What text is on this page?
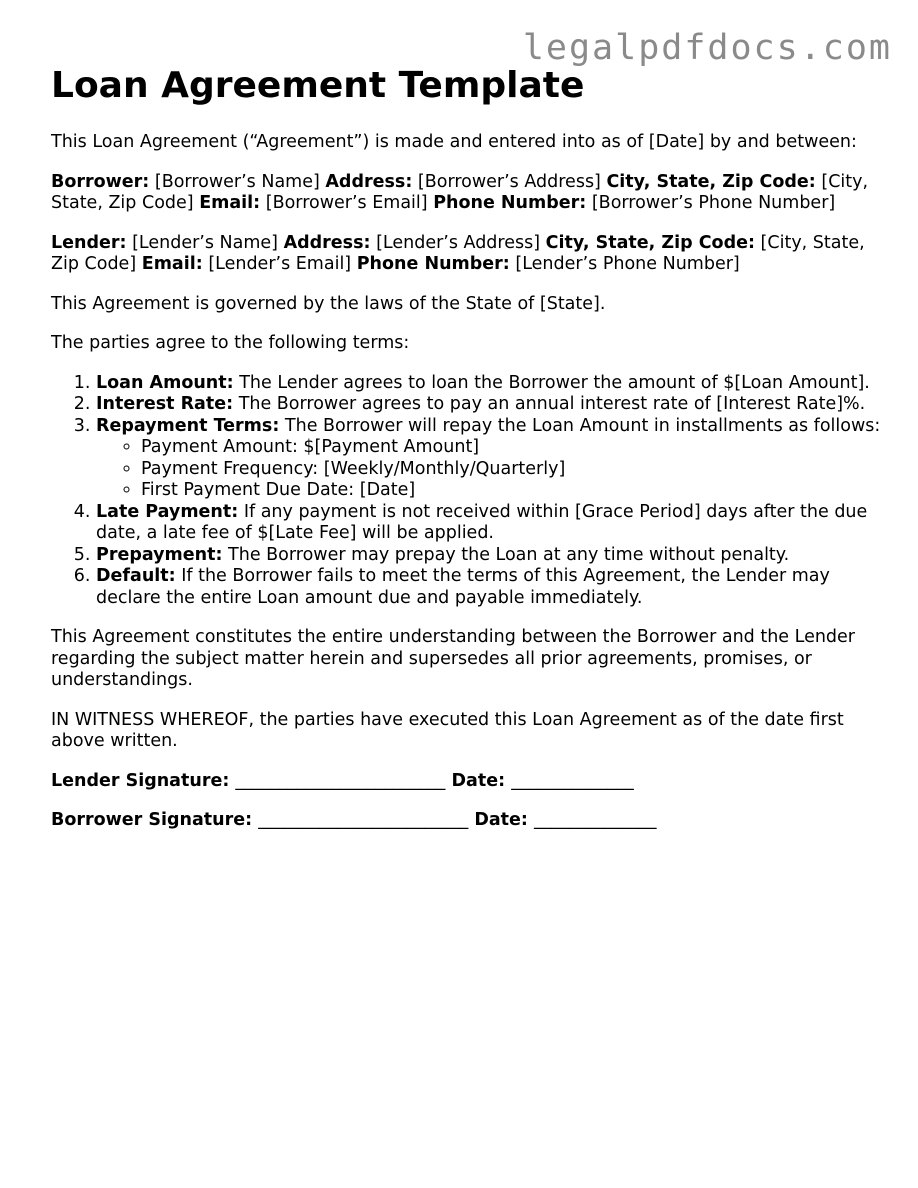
legalpdfdocs.com
Loan Agreement Template

This Loan Agreement (“Agreement”) is made and entered into as of [Date] by and between:

Borrower: [Borrower’s Name] Address: [Borrower’s Address] City, State, Zip Code: [City, State, Zip Code] Email: [Borrower’s Email] Phone Number: [Borrower’s Phone Number]

Lender: [Lender’s Name] Address: [Lender’s Address] City, State, Zip Code: [City, State, Zip Code] Email: [Lender’s Email] Phone Number: [Lender’s Phone Number]

This Agreement is governed by the laws of the State of [State].

The parties agree to the following terms:

1. Loan Amount: The Lender agrees to loan the Borrower the amount of $[Loan Amount].
2. Interest Rate: The Borrower agrees to pay an annual interest rate of [Interest Rate]%.
3. Repayment Terms: The Borrower will repay the Loan Amount in installments as follows:
◦ Payment Amount: $[Payment Amount]
◦ Payment Frequency: [Weekly/Monthly/Quarterly]
◦ First Payment Due Date: [Date]
4. Late Payment: If any payment is not received within [Grace Period] days after the due date, a late fee of $[Late Fee] will be applied.
5. Prepayment: The Borrower may prepay the Loan at any time without penalty.
6. Default: If the Borrower fails to meet the terms of this Agreement, the Lender may declare the entire Loan amount due and payable immediately.

This Agreement constitutes the entire understanding between the Borrower and the Lender regarding the subject matter herein and supersedes all prior agreements, promises, or understandings.

IN WITNESS WHEREOF, the parties have executed this Loan Agreement as of the date first above written.

Lender Signature: ________________________ Date: ______________

Borrower Signature: ________________________ Date: ______________
